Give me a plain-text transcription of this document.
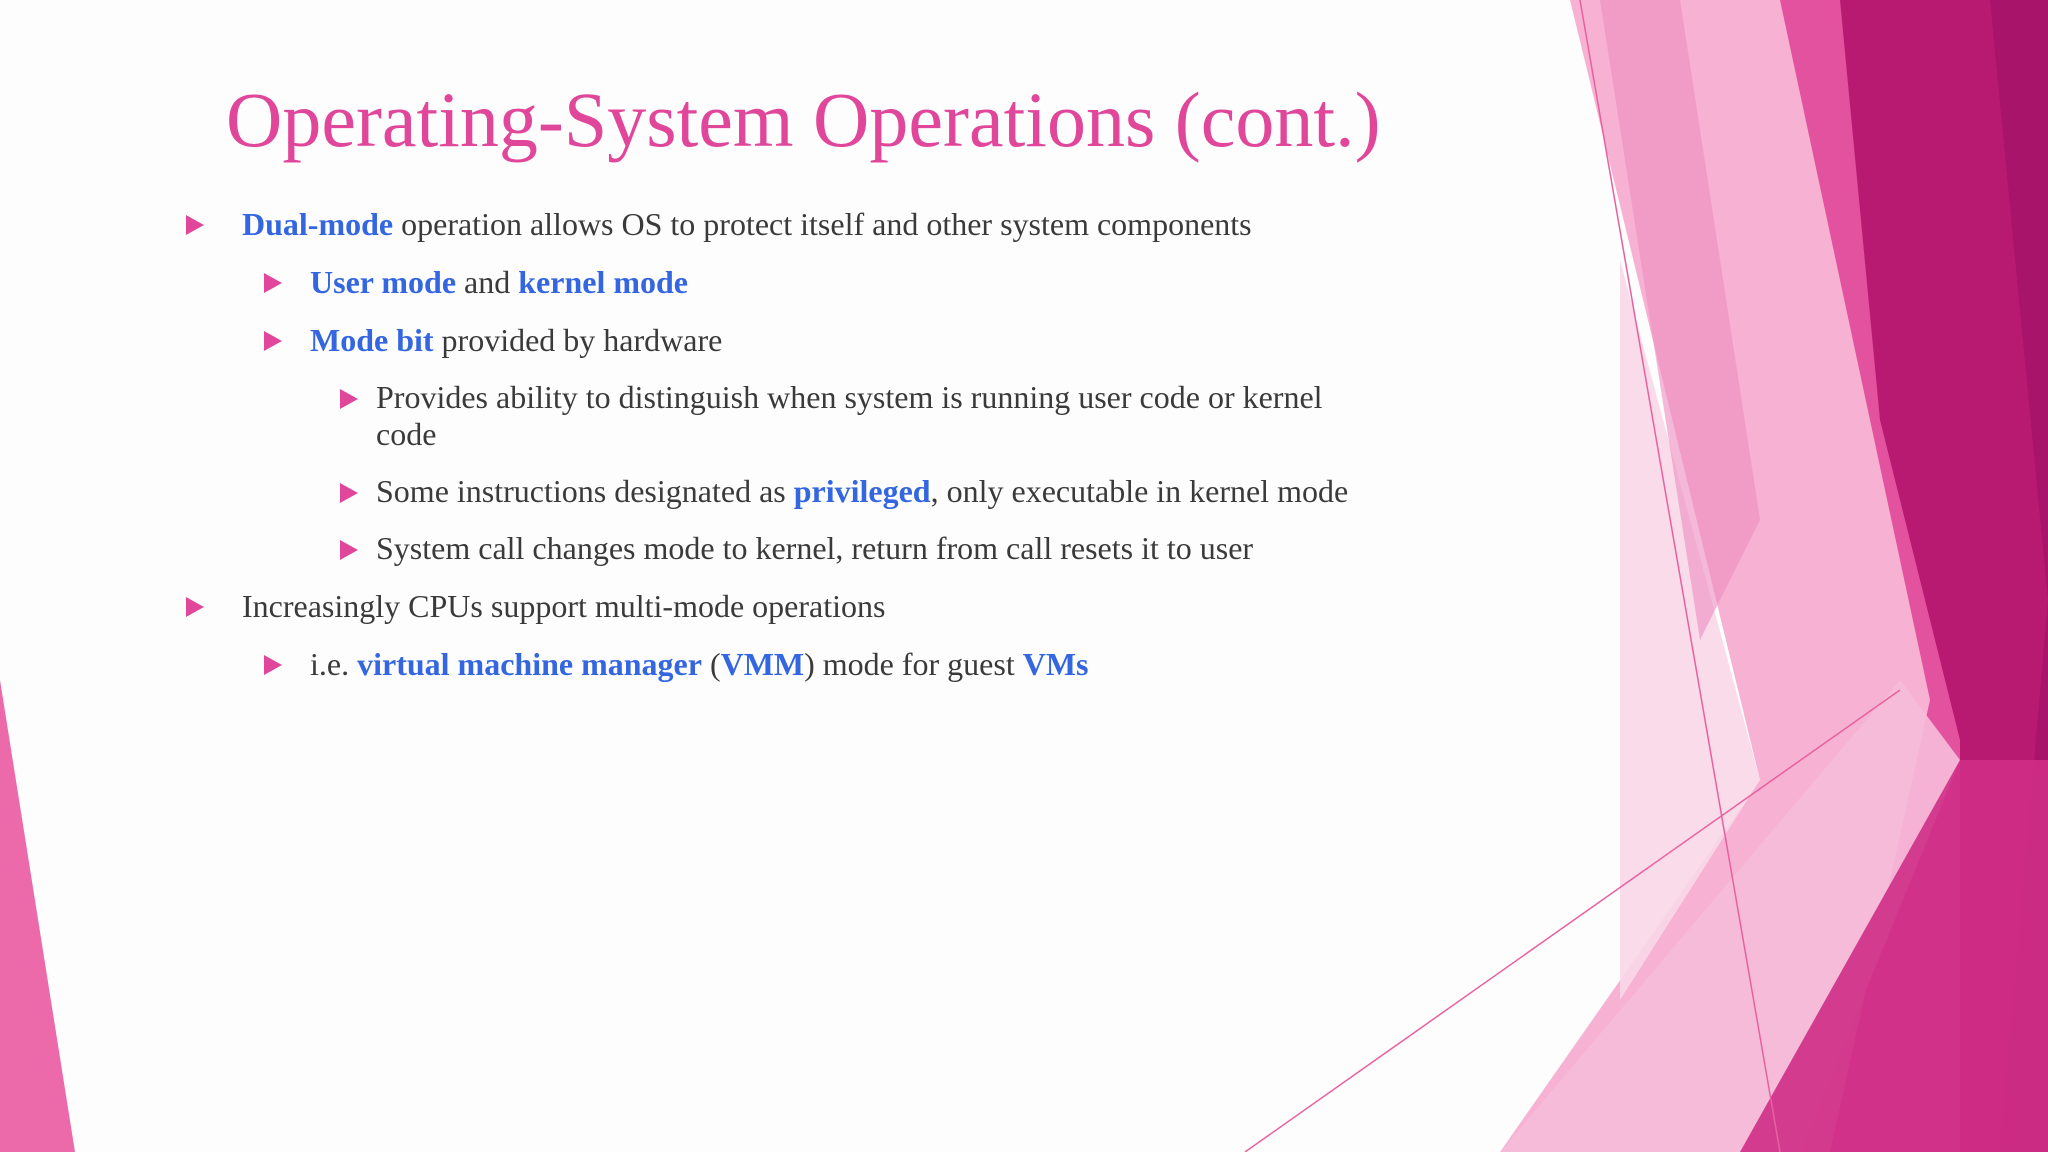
Operating-System Operations (cont.)
Dual-mode operation allows OS to protect itself and other system components
User mode and kernel mode
Mode bit provided by hardware
Provides ability to distinguish when system is running user code or kernel code
Some instructions designated as privileged, only executable in kernel mode
System call changes mode to kernel, return from call resets it to user
Increasingly CPUs support multi-mode operations
i.e. virtual machine manager (VMM) mode for guest VMs
